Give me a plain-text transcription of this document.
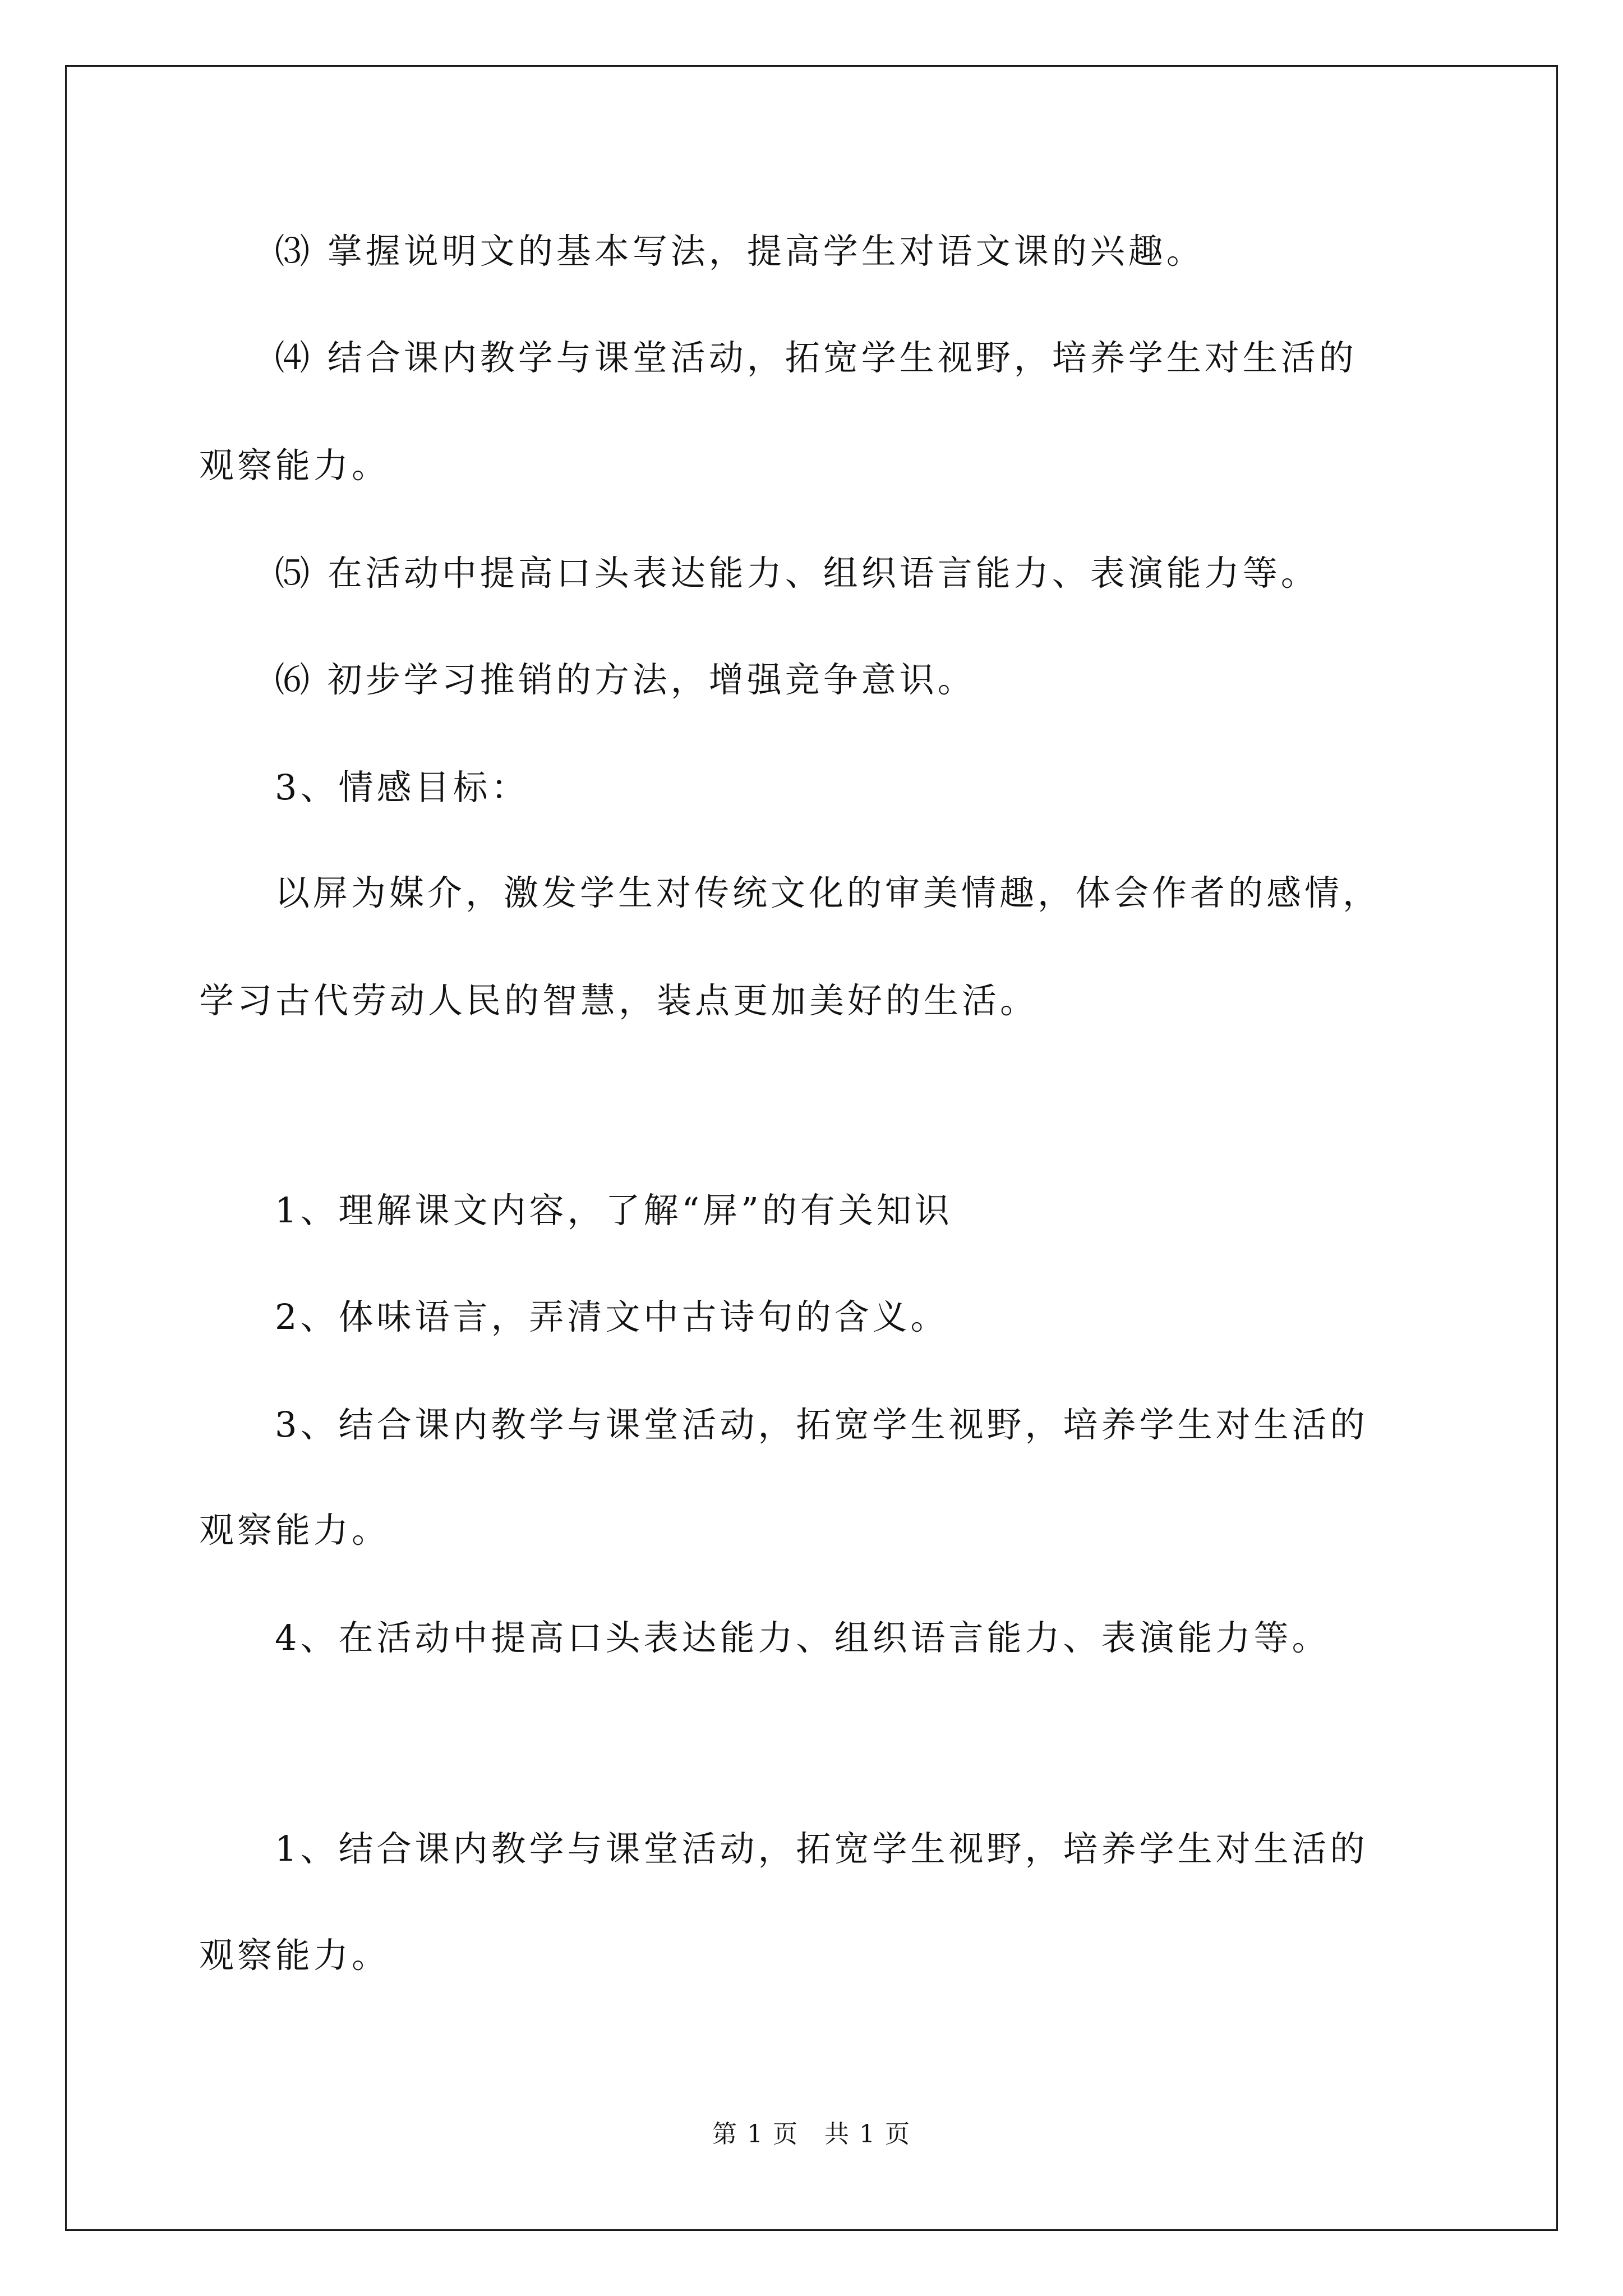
⑶ 掌握说明文的基本写法，提高学生对语文课的兴趣。
⑷ 结合课内教学与课堂活动，拓宽学生视野，培养学生对生活的
观察能力。
⑸ 在活动中提高口头表达能力、组织语言能力、表演能力等。
⑹ 初步学习推销的方法，增强竞争意识。
3、情感目标：
以屏为媒介，激发学生对传统文化的审美情趣，体会作者的感情，
学习古代劳动人民的智慧，装点更加美好的生活。
1、理解课文内容，了解“屏”的有关知识
2、体味语言，弄清文中古诗句的含义。
3、结合课内教学与课堂活动，拓宽学生视野，培养学生对生活的
观察能力。
4、在活动中提高口头表达能力、组织语言能力、表演能力等。
1、结合课内教学与课堂活动，拓宽学生视野，培养学生对生活的
观察能力。
第 1 页　共 1 页
